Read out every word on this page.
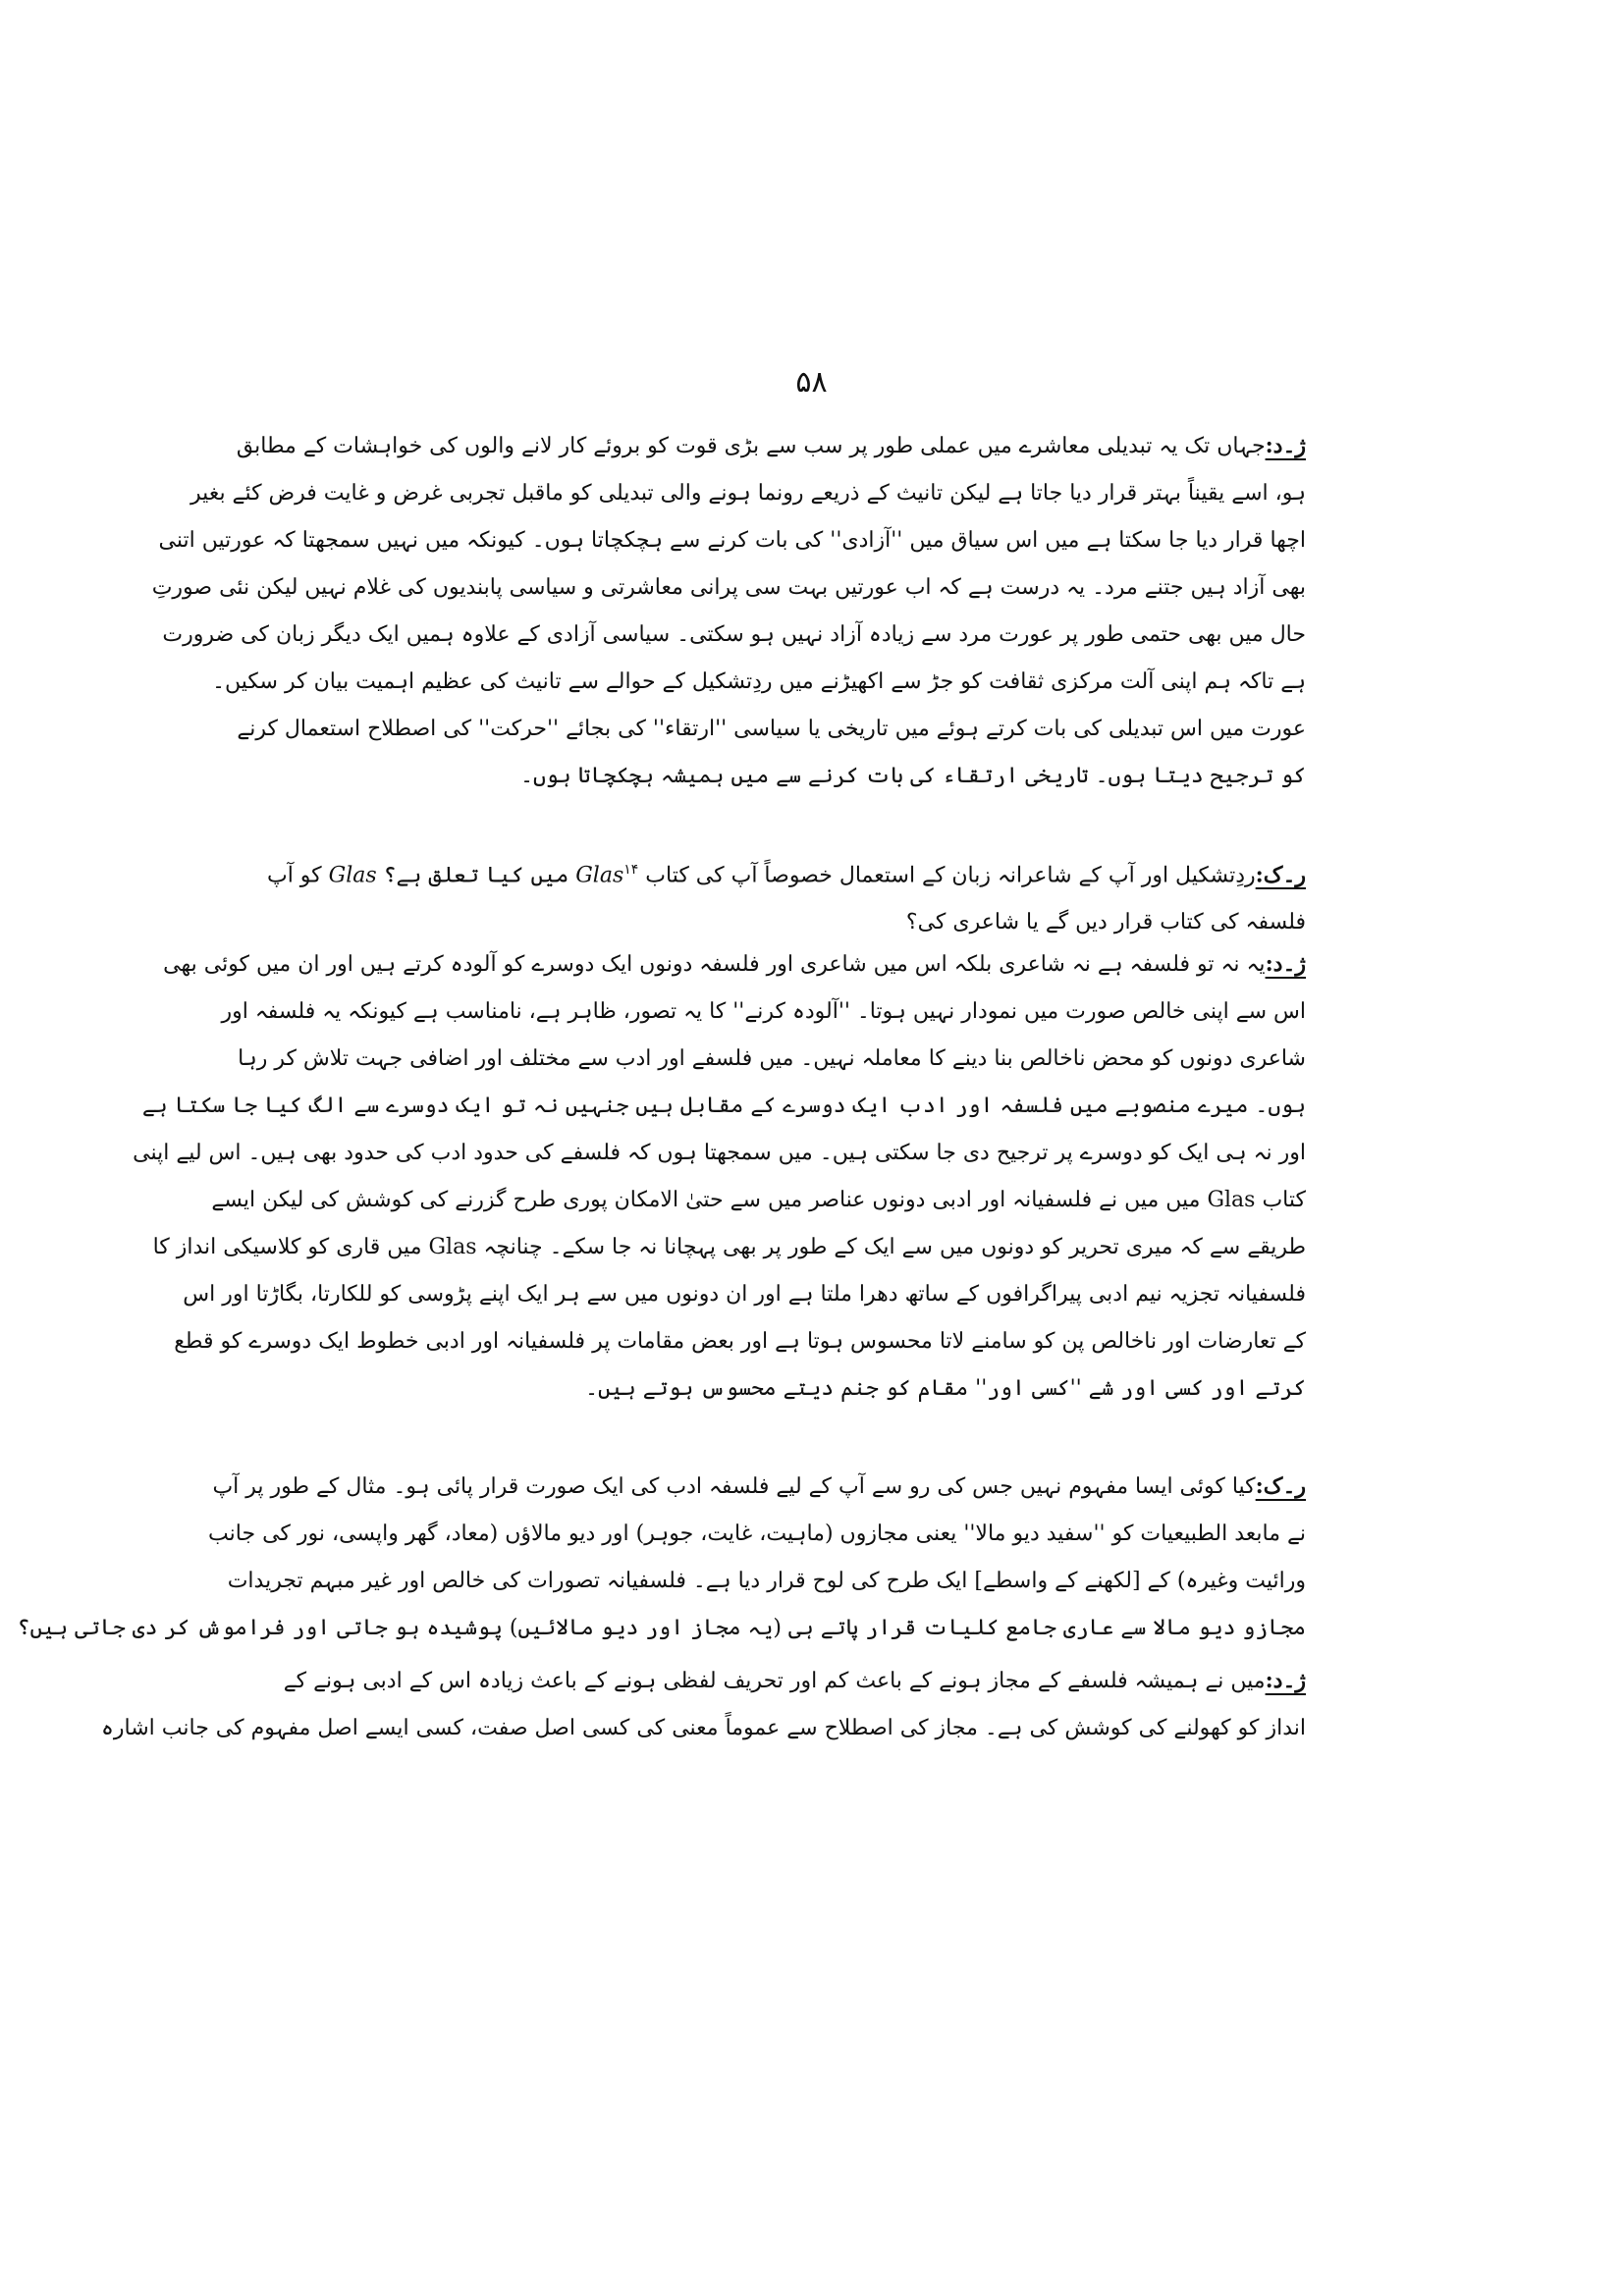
۵۸
ژ۔د:جہاں تک یہ تبدیلی معاشرے میں عملی طور پر سب سے بڑی قوت کو بروئے کار لانے والوں کی خواہشات کے مطابق
ہو، اسے یقیناً بہتر قرار دیا جاتا ہے لیکن تانیث کے ذریعے رونما ہونے والی تبدیلی کو ماقبل تجربی غرض و غایت فرض کئے بغیر
اچھا قرار دیا جا سکتا ہے میں اس سیاق میں ''آزادی'' کی بات کرنے سے ہچکچاتا ہوں۔ کیونکہ میں نہیں سمجھتا کہ عورتیں اتنی
بھی آزاد ہیں جتنے مرد۔ یہ درست ہے کہ اب عورتیں بہت سی پرانی معاشرتی و سیاسی پابندیوں کی غلام نہیں لیکن نئی صورتِ
حال میں بھی حتمی طور پر عورت مرد سے زیادہ آزاد نہیں ہو سکتی۔ سیاسی آزادی کے علاوہ ہمیں ایک دیگر زبان کی ضرورت
ہے تاکہ ہم اپنی آلت مرکزی ثقافت کو جڑ سے اکھیڑنے میں ردِتشکیل کے حوالے سے تانیث کی عظیم اہمیت بیان کر سکیں۔
عورت میں اس تبدیلی کی بات کرتے ہوئے میں تاریخی یا سیاسی ''ارتقاء'' کی بجائے ''حرکت'' کی اصطلاح استعمال کرنے
کو ترجیح دیتا ہوں۔ تاریخی ارتقاء کی بات کرنے سے میں ہمیشہ ہچکچاتا ہوں۔
ر۔ک:ردِتشکیل اور آپ کے شاعرانہ زبان کے استعمال خصوصاً آپ کی کتاب Glas$^{۱۴}$ میں کیا تعلق ہے؟ Glas کو آپ
فلسفہ کی کتاب قرار دیں گے یا شاعری کی؟
ژ۔د:یہ نہ تو فلسفہ ہے نہ شاعری بلکہ اس میں شاعری اور فلسفہ دونوں ایک دوسرے کو آلودہ کرتے ہیں اور ان میں کوئی بھی
اس سے اپنی خالص صورت میں نمودار نہیں ہوتا۔ ''آلودہ کرنے'' کا یہ تصور، ظاہر ہے، نامناسب ہے کیونکہ یہ فلسفہ اور
شاعری دونوں کو محض ناخالص بنا دینے کا معاملہ نہیں۔ میں فلسفے اور ادب سے مختلف اور اضافی جہت تلاش کر رہا
ہوں۔ میرے منصوبے میں فلسفہ اور ادب ایک دوسرے کے مقابل ہیں جنہیں نہ تو ایک دوسرے سے الگ کیا جا سکتا ہے
اور نہ ہی ایک کو دوسرے پر ترجیح دی جا سکتی ہیں۔ میں سمجھتا ہوں کہ فلسفے کی حدود ادب کی حدود بھی ہیں۔ اس لیے اپنی
کتاب Glas میں میں نے فلسفیانہ اور ادبی دونوں عناصر میں سے حتیٰ الامکان پوری طرح گزرنے کی کوشش کی لیکن ایسے
طریقے سے کہ میری تحریر کو دونوں میں سے ایک کے طور پر بھی پہچانا نہ جا سکے۔ چنانچہ Glas میں قاری کو کلاسیکی انداز کا
فلسفیانہ تجزیہ نیم ادبی پیراگرافوں کے ساتھ دھرا ملتا ہے اور ان دونوں میں سے ہر ایک اپنے پڑوسی کو للکارتا، بگاڑتا اور اس
کے تعارضات اور ناخالص پن کو سامنے لاتا محسوس ہوتا ہے اور بعض مقامات پر فلسفیانہ اور ادبی خطوط ایک دوسرے کو قطع
کرتے اور کسی اور شے ''کسی اور'' مقام کو جنم دیتے محسوس ہوتے ہیں۔
ر۔ک:کیا کوئی ایسا مفہوم نہیں جس کی رو سے آپ کے لیے فلسفہ ادب کی ایک صورت قرار پائی ہو۔ مثال کے طور پر آپ
نے مابعد الطبیعیات کو ''سفید دیو مالا'' یعنی مجازوں (ماہیت، غایت، جوہر) اور دیو مالاؤں (معاد، گھر واپسی، نور کی جانب
ورائیت وغیرہ) کے [لکھنے کے واسطے] ایک طرح کی لوح قرار دیا ہے۔ فلسفیانہ تصورات کی خالص اور غیر مبہم تجریدات
مجازو دیو مالا سے عاری جامع کلیات قرار پاتے ہی (یہ مجاز اور دیو مالائیں) پوشیدہ ہو جاتی اور فراموش کر دی جاتی ہیں؟
ژ۔د:میں نے ہمیشہ فلسفے کے مجاز ہونے کے باعث کم اور تحریف لفظی ہونے کے باعث زیادہ اس کے ادبی ہونے کے
انداز کو کھولنے کی کوشش کی ہے۔ مجاز کی اصطلاح سے عموماً معنی کی کسی اصل صفت، کسی ایسے اصل مفہوم کی جانب اشارہ
